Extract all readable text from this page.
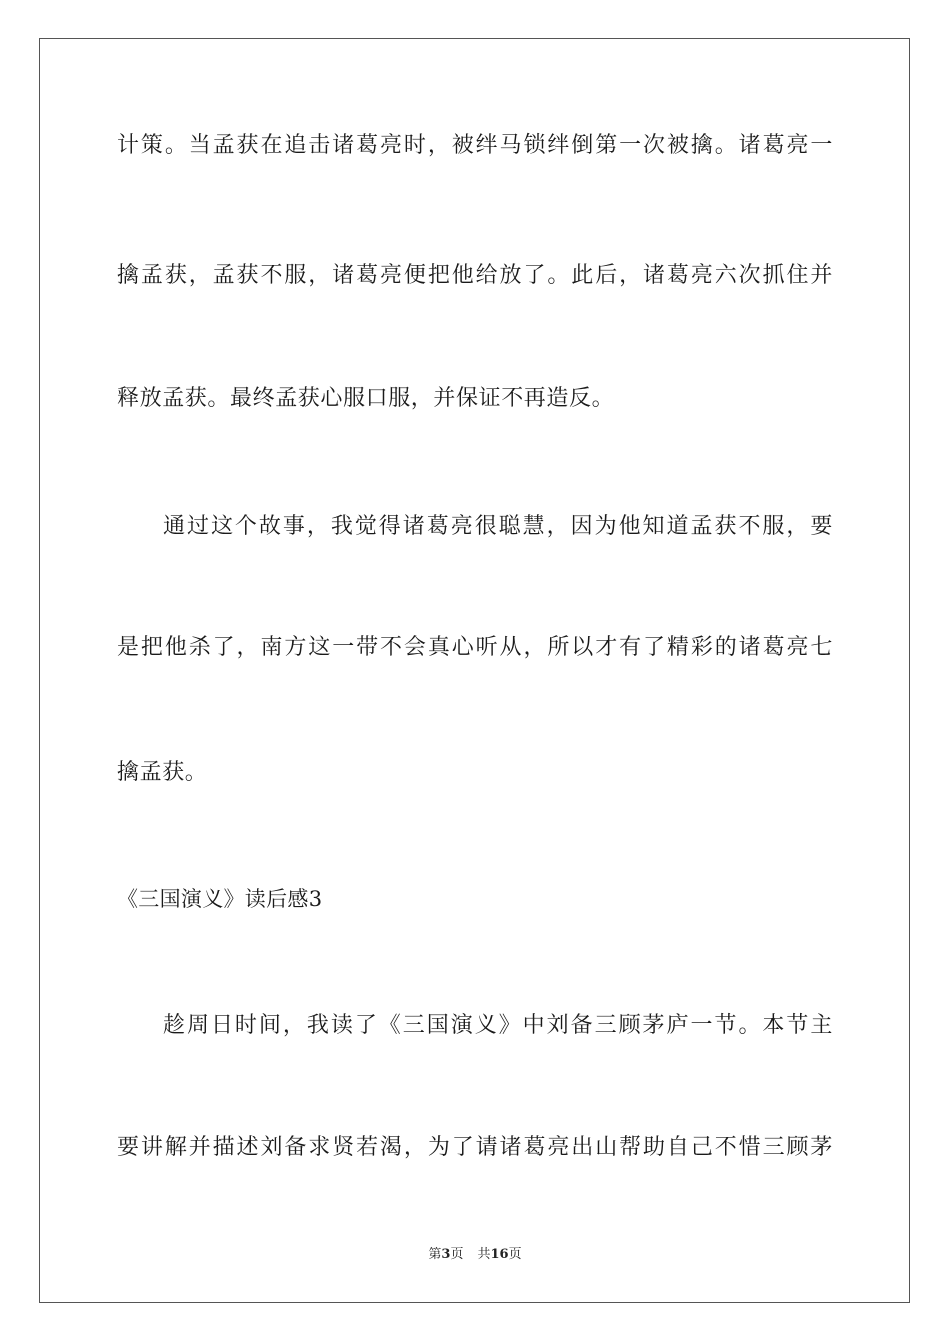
计策。当孟获在追击诸葛亮时，被绊马锁绊倒第一次被擒。诸葛亮一
擒孟获，孟获不服，诸葛亮便把他给放了。此后，诸葛亮六次抓住并
释放孟获。最终孟获心服口服，并保证不再造反。
通过这个故事，我觉得诸葛亮很聪慧，因为他知道孟获不服，要
是把他杀了，南方这一带不会真心听从，所以才有了精彩的诸葛亮七
擒孟获。
《三国演义》读后感3
趁周日时间，我读了《三国演义》中刘备三顾茅庐一节。本节主
要讲解并描述刘备求贤若渴，为了请诸葛亮出山帮助自己不惜三顾茅
第3页 共16页
